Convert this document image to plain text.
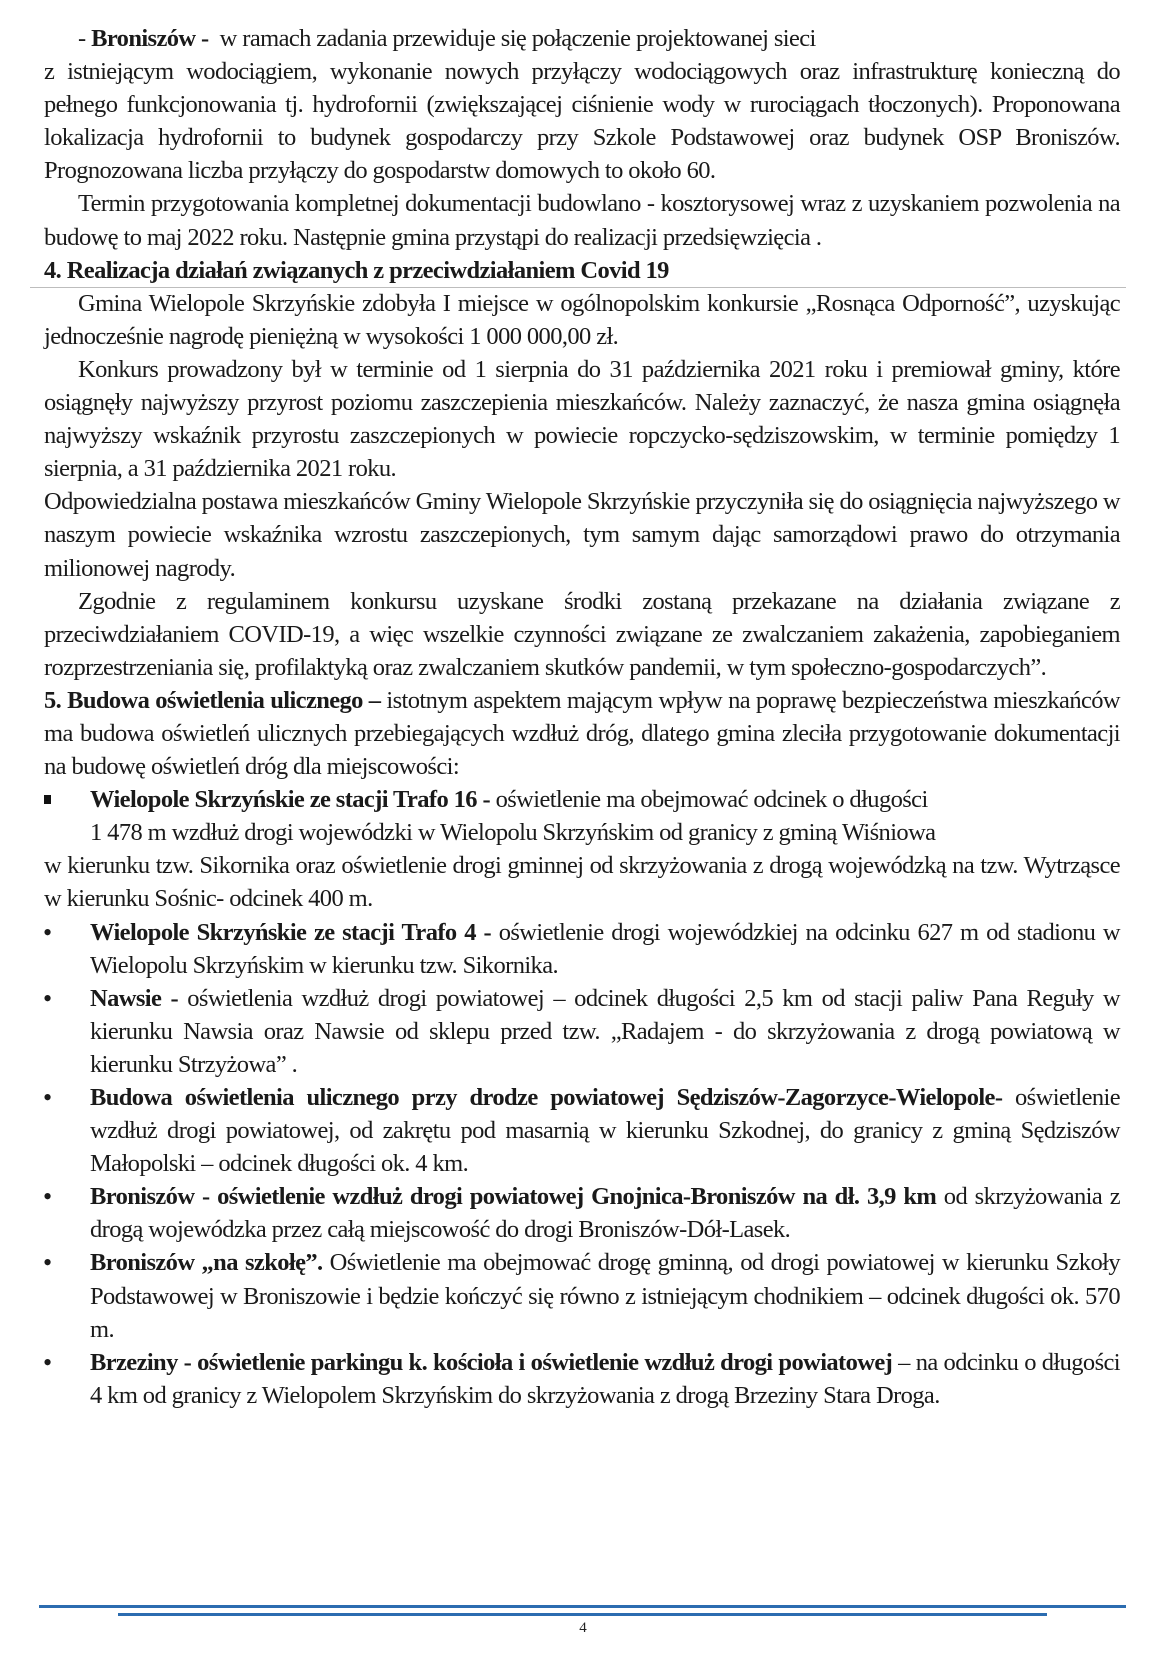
- Broniszów - w ramach zadania przewiduje się połączenie projektowanej sieci
z istniejącym wodociągiem, wykonanie nowych przyłączy wodociągowych oraz infrastrukturę konieczną do pełnego funkcjonowania tj. hydrofornii (zwiększającej ciśnienie wody w rurociągach tłoczonych). Proponowana lokalizacja hydrofornii to budynek gospodarczy przy Szkole Podstawowej oraz budynek OSP Broniszów. Prognozowana liczba przyłączy do gospodarstw domowych to około 60.

Termin przygotowania kompletnej dokumentacji budowlano - kosztorysowej wraz z uzyskaniem pozwolenia na budowę to maj 2022 roku. Następnie gmina przystąpi do realizacji przedsięwzięcia .

4. Realizacja działań związanych z przeciwdziałaniem Covid 19

Gmina Wielopole Skrzyńskie zdobyła I miejsce w ogólnopolskim konkursie „Rosnąca Odporność”, uzyskując jednocześnie nagrodę pieniężną w wysokości 1 000 000,00 zł.

Konkurs prowadzony był w terminie od 1 sierpnia do 31 października 2021 roku i premiował gminy, które osiągnęły najwyższy przyrost poziomu zaszczepienia mieszkańców. Należy zaznaczyć, że nasza gmina osiągnęła najwyższy wskaźnik przyrostu zaszczepionych w powiecie ropczycko-sędziszowskim, w terminie pomiędzy 1 sierpnia, a 31 października 2021 roku.

Odpowiedzialna postawa mieszkańców Gminy Wielopole Skrzyńskie przyczyniła się do osiągnięcia najwyższego w naszym powiecie wskaźnika wzrostu zaszczepionych, tym samym dając samorządowi prawo do otrzymania milionowej nagrody.

Zgodnie z regulaminem konkursu uzyskane środki zostaną przekazane na działania związane z przeciwdziałaniem COVID-19, a więc wszelkie czynności związane ze zwalczaniem zakażenia, zapobieganiem rozprzestrzeniania się, profilaktyką oraz zwalczaniem skutków pandemii, w tym społeczno-gospodarczych”.

5. Budowa oświetlenia ulicznego – istotnym aspektem mającym wpływ na poprawę bezpieczeństwa mieszkańców ma budowa oświetleń ulicznych przebiegających wzdłuż dróg, dlatego gmina zleciła przygotowanie dokumentacji na budowę oświetleń dróg dla miejscowości:

Wielopole Skrzyńskie ze stacji Trafo 16 - oświetlenie ma obejmować odcinek o długości
1 478 m wzdłuż drogi wojewódzki w Wielopolu Skrzyńskim od granicy z gminą Wiśniowa
w kierunku tzw. Sikornika oraz oświetlenie drogi gminnej od skrzyżowania z drogą wojewódzką na tzw. Wytrząsce w kierunku Sośnic- odcinek 400 m.
•	Wielopole Skrzyńskie ze stacji Trafo 4 - oświetlenie drogi wojewódzkiej na odcinku 627 m od stadionu w Wielopolu Skrzyńskim w kierunku tzw. Sikornika.
•	Nawsie - oświetlenia wzdłuż drogi powiatowej – odcinek długości 2,5 km od stacji paliw Pana Reguły w kierunku Nawsia oraz Nawsie od sklepu przed tzw. „Radajem - do skrzyżowania z drogą powiatową w kierunku Strzyżowa” .
•	Budowa oświetlenia ulicznego przy drodze powiatowej Sędziszów-Zagorzyce-Wielopole- oświetlenie wzdłuż drogi powiatowej, od zakrętu pod masarnią w kierunku Szkodnej, do granicy z gminą Sędziszów Małopolski – odcinek długości ok. 4 km.
•	Broniszów - oświetlenie wzdłuż drogi powiatowej Gnojnica-Broniszów na dł. 3,9 km od skrzyżowania z drogą wojewódzka przez całą miejscowość do drogi Broniszów-Dół-Lasek.
•	Broniszów „na szkołę”. Oświetlenie ma obejmować drogę gminną, od drogi powiatowej w kierunku Szkoły Podstawowej w Broniszowie i będzie kończyć się równo z istniejącym chodnikiem – odcinek długości ok. 570 m.
•	Brzeziny - oświetlenie parkingu k. kościoła i oświetlenie wzdłuż drogi powiatowej – na odcinku o długości 4 km od granicy z Wielopolem Skrzyńskim do skrzyżowania z drogą Brzeziny Stara Droga.
4
